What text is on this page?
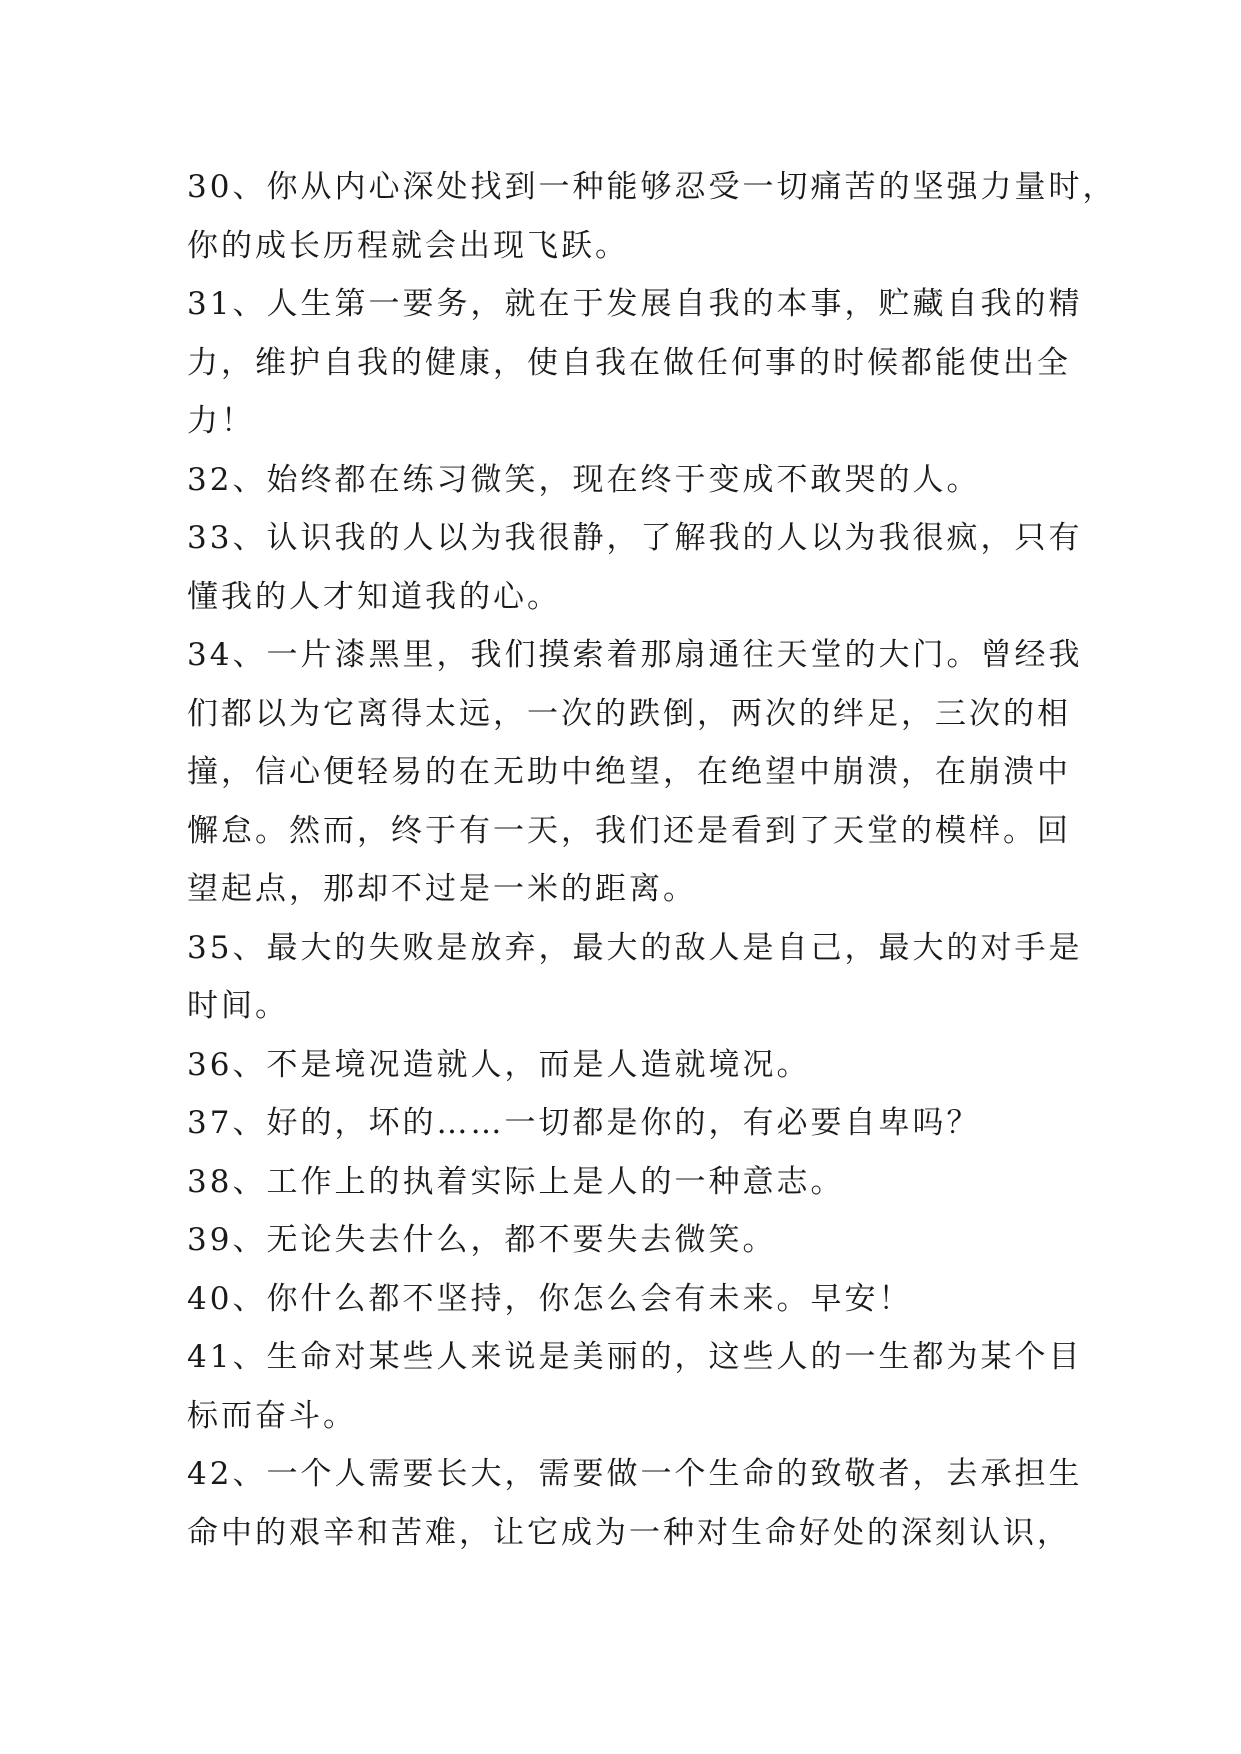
30、你从内心深处找到一种能够忍受一切痛苦的坚强力量时，
你的成长历程就会出现飞跃。
31、人生第一要务，就在于发展自我的本事，贮藏自我的精
力，维护自我的健康，使自我在做任何事的时候都能使出全
力！
32、始终都在练习微笑，现在终于变成不敢哭的人。
33、认识我的人以为我很静，了解我的人以为我很疯，只有
懂我的人才知道我的心。
34、一片漆黑里，我们摸索着那扇通往天堂的大门。曾经我
们都以为它离得太远，一次的跌倒，两次的绊足，三次的相
撞，信心便轻易的在无助中绝望，在绝望中崩溃，在崩溃中
懈怠。然而，终于有一天，我们还是看到了天堂的模样。回
望起点，那却不过是一米的距离。
35、最大的失败是放弃，最大的敌人是自己，最大的对手是
时间。
36、不是境况造就人，而是人造就境况。
37、好的，坏的……一切都是你的，有必要自卑吗？
38、工作上的执着实际上是人的一种意志。
39、无论失去什么，都不要失去微笑。
40、你什么都不坚持，你怎么会有未来。早安！
41、生命对某些人来说是美丽的，这些人的一生都为某个目
标而奋斗。
42、一个人需要长大，需要做一个生命的致敬者，去承担生
命中的艰辛和苦难，让它成为一种对生命好处的深刻认识，
